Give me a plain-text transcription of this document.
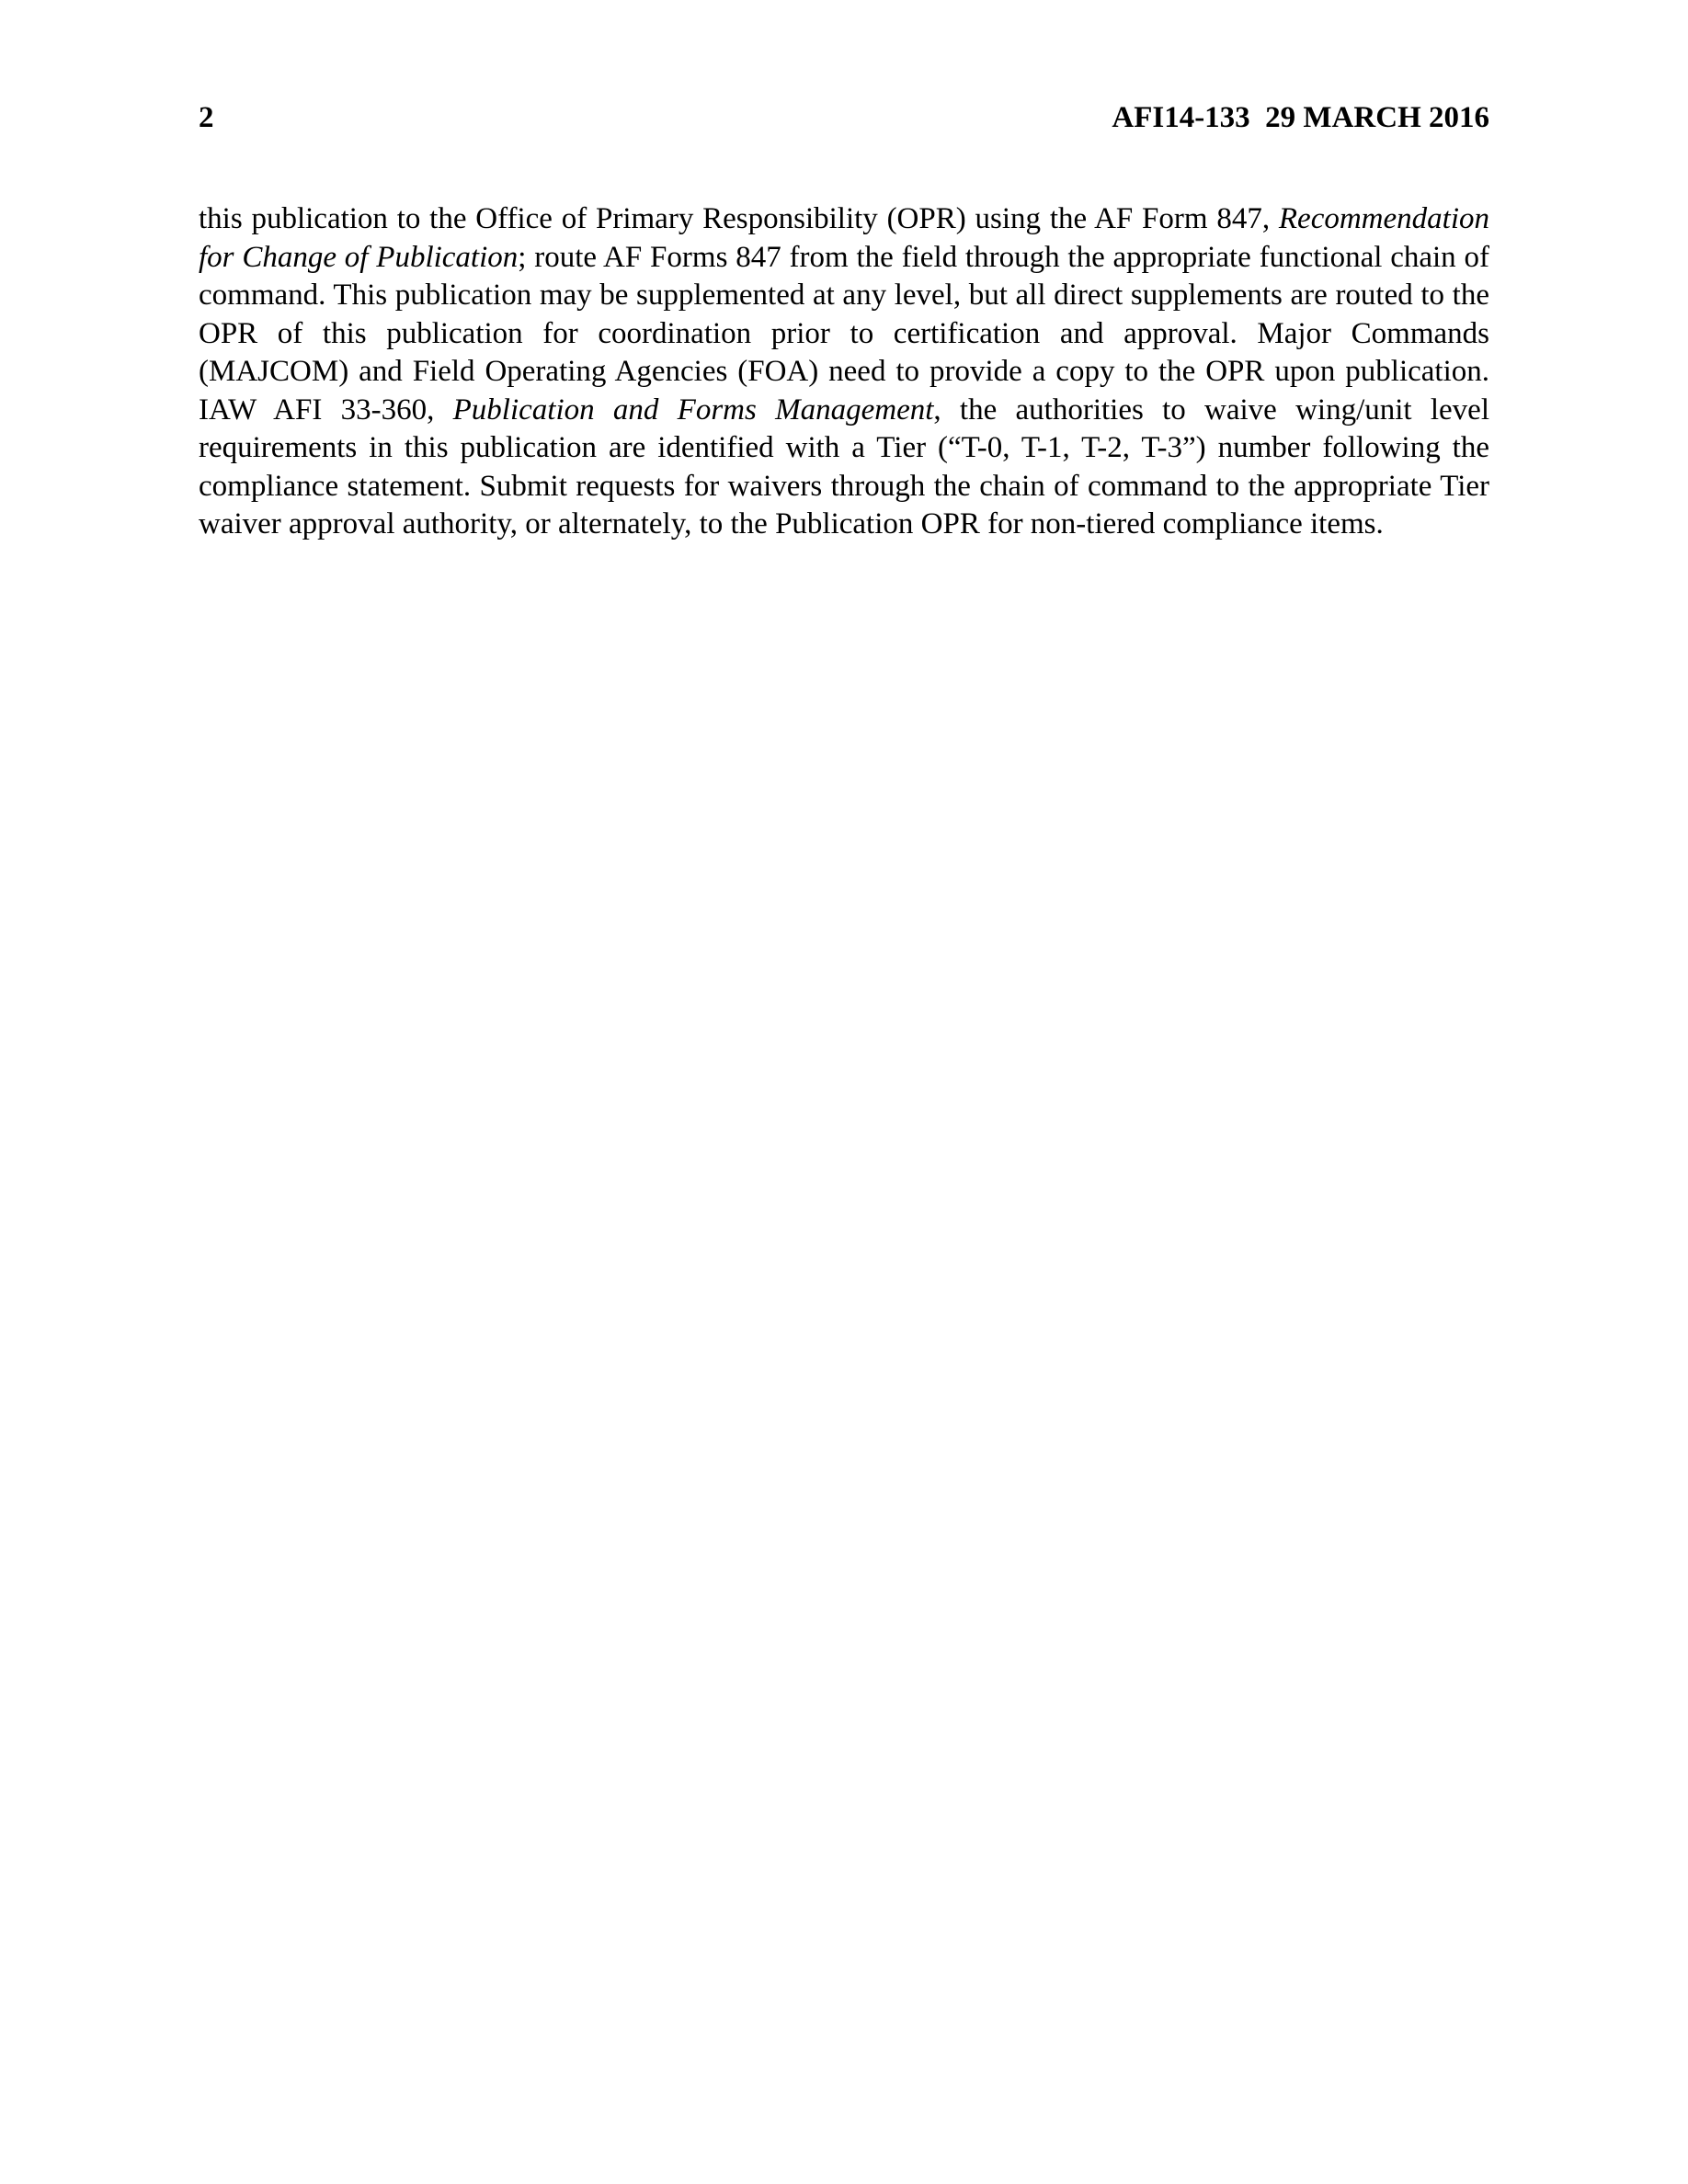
2	AFI14-133  29 MARCH 2016

this publication to the Office of Primary Responsibility (OPR) using the AF Form 847, Recommendation for Change of Publication; route AF Forms 847 from the field through the appropriate functional chain of command. This publication may be supplemented at any level, but all direct supplements are routed to the OPR of this publication for coordination prior to certification and approval. Major Commands (MAJCOM) and Field Operating Agencies (FOA) need to provide a copy to the OPR upon publication. IAW AFI 33-360, Publication and Forms Management, the authorities to waive wing/unit level requirements in this publication are identified with a Tier (“T-0, T-1, T-2, T-3”) number following the compliance statement. Submit requests for waivers through the chain of command to the appropriate Tier waiver approval authority, or alternately, to the Publication OPR for non-tiered compliance items.
